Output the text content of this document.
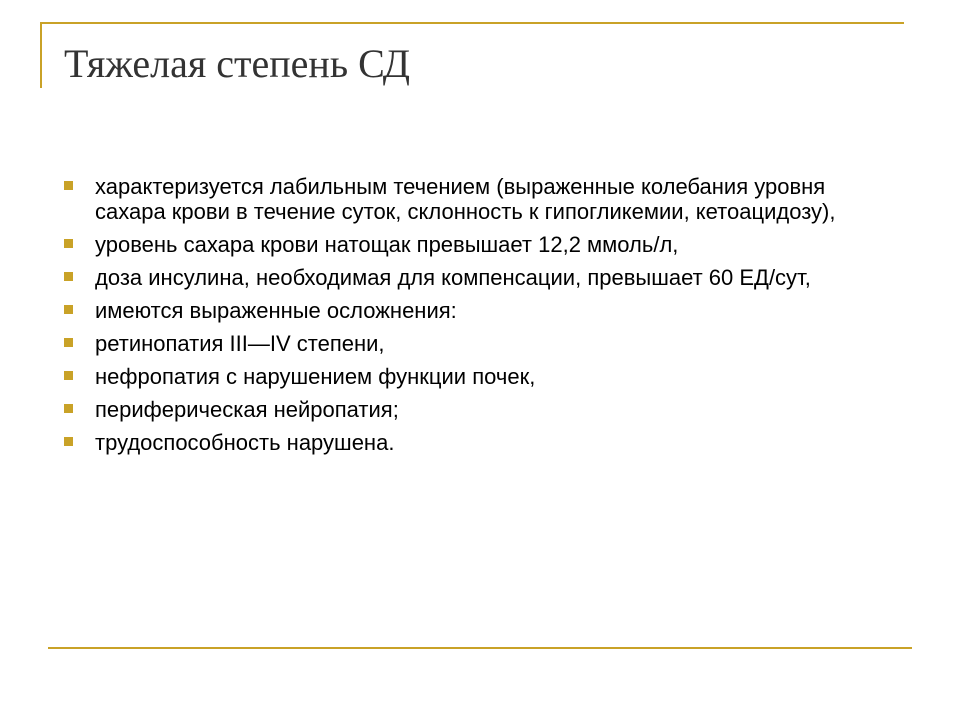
Тяжелая степень СД
характеризуется лабильным течением (выраженные колебания уровня сахара крови в течение суток, склонность к гипогликемии, кетоацидозу),
уровень сахара крови натощак превышает 12,2 ммоль/л,
доза инсулина, необходимая для компенсации, превышает 60 ЕД/сут,
имеются выраженные осложнения:
ретинопатия III—IV степени,
нефропатия с нарушением функции почек,
периферическая нейропатия;
трудоспособность нарушена.
